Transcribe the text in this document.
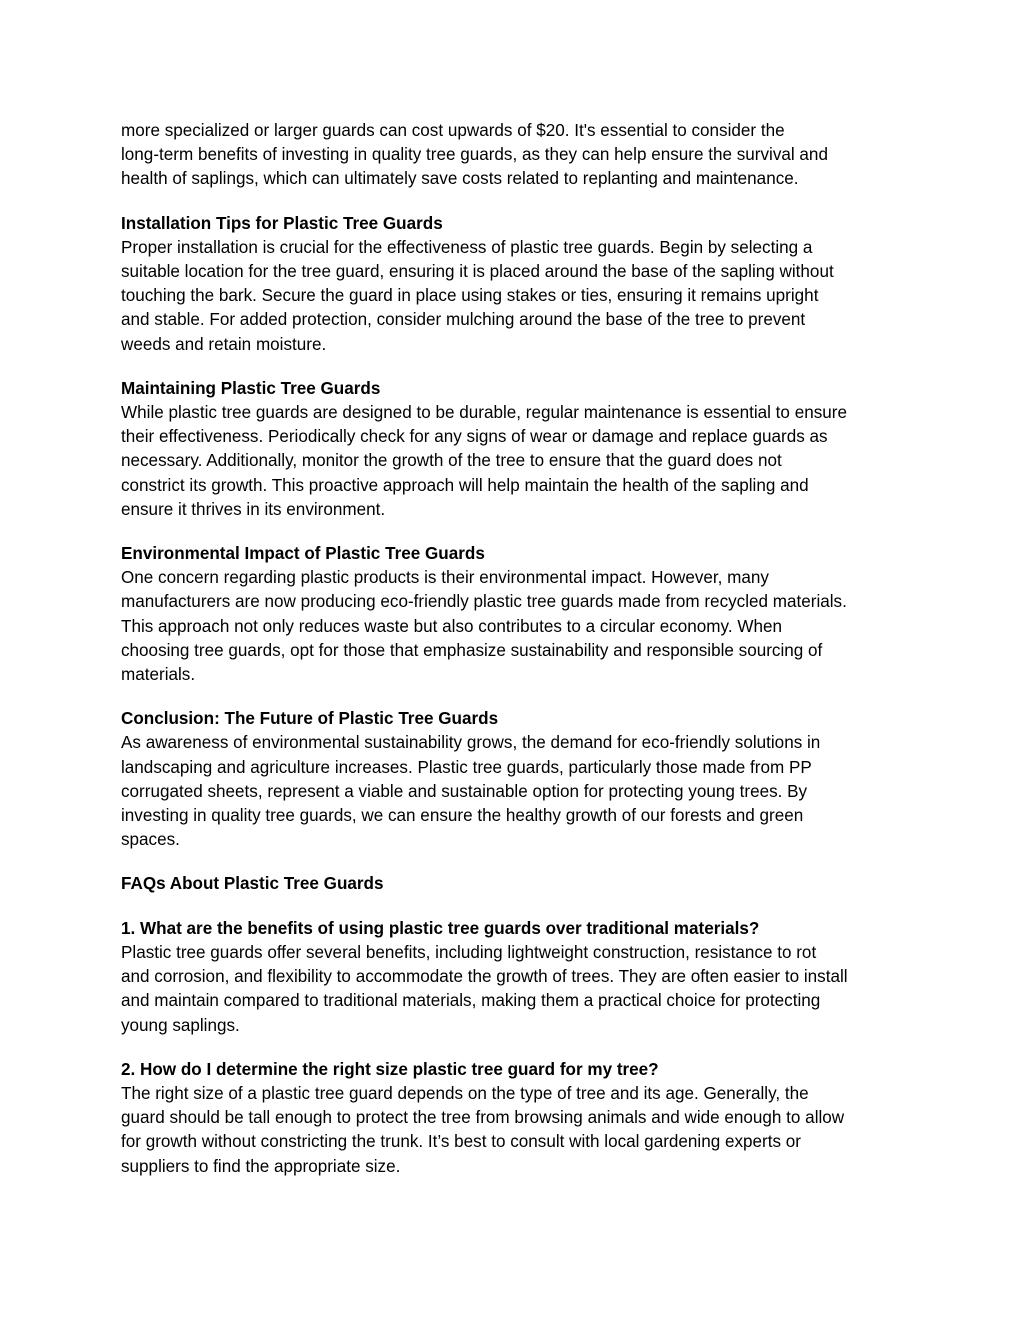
more specialized or larger guards can cost upwards of $20. It's essential to consider the
long-term benefits of investing in quality tree guards, as they can help ensure the survival and
health of saplings, which can ultimately save costs related to replanting and maintenance.

Installation Tips for Plastic Tree Guards

Proper installation is crucial for the effectiveness of plastic tree guards. Begin by selecting a
suitable location for the tree guard, ensuring it is placed around the base of the sapling without
touching the bark. Secure the guard in place using stakes or ties, ensuring it remains upright
and stable. For added protection, consider mulching around the base of the tree to prevent
weeds and retain moisture.

Maintaining Plastic Tree Guards

While plastic tree guards are designed to be durable, regular maintenance is essential to ensure
their effectiveness. Periodically check for any signs of wear or damage and replace guards as
necessary. Additionally, monitor the growth of the tree to ensure that the guard does not
constrict its growth. This proactive approach will help maintain the health of the sapling and
ensure it thrives in its environment.

Environmental Impact of Plastic Tree Guards

One concern regarding plastic products is their environmental impact. However, many
manufacturers are now producing eco-friendly plastic tree guards made from recycled materials.
This approach not only reduces waste but also contributes to a circular economy. When
choosing tree guards, opt for those that emphasize sustainability and responsible sourcing of
materials.

Conclusion: The Future of Plastic Tree Guards

As awareness of environmental sustainability grows, the demand for eco-friendly solutions in
landscaping and agriculture increases. Plastic tree guards, particularly those made from PP
corrugated sheets, represent a viable and sustainable option for protecting young trees. By
investing in quality tree guards, we can ensure the healthy growth of our forests and green
spaces.

FAQs About Plastic Tree Guards

1. What are the benefits of using plastic tree guards over traditional materials?

Plastic tree guards offer several benefits, including lightweight construction, resistance to rot
and corrosion, and flexibility to accommodate the growth of trees. They are often easier to install
and maintain compared to traditional materials, making them a practical choice for protecting
young saplings.

2. How do I determine the right size plastic tree guard for my tree?

The right size of a plastic tree guard depends on the type of tree and its age. Generally, the
guard should be tall enough to protect the tree from browsing animals and wide enough to allow
for growth without constricting the trunk. It’s best to consult with local gardening experts or
suppliers to find the appropriate size.
